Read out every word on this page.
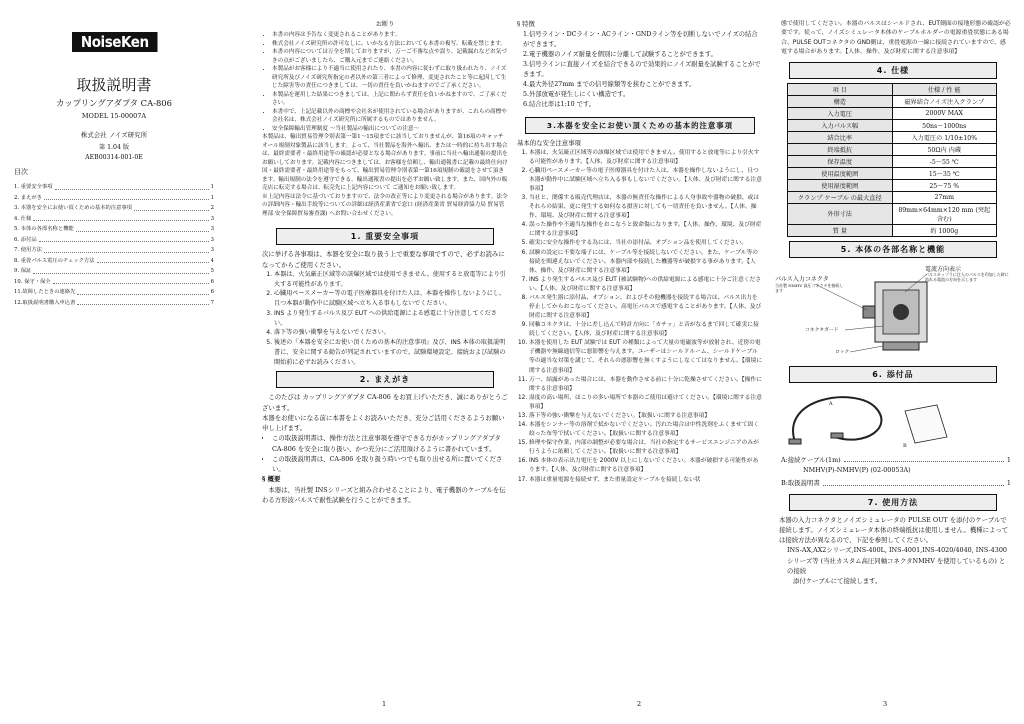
NoiseKen
取扱説明書
カップリングアダプタ CA-806
MODEL 15-00007A
株式会社 ノイズ研究所
第 1.04 版
AEB00314-001-0E
目次
1. 重要安全事項	1
2. まえがき	1
3. 本器を安全にお使い頂くための基本的注意事項	2
4. 仕様	3
5. 本体の各部名称と機能	3
6. 添付品	3
7. 使用方法	3
8. 重畳パルス電圧のチェック方法	4
9. 保証	5
10. 保守・保全	6
11.故障したときの連絡先	6
12.取扱説明書購入申込書	7
お断り
• 本書の内容は予告なく変更されることがあります。
• 株式会社ノイズ研究所の許可なしに、いかなる方法においても本書の複写、転載を禁じます。
• 本書の内容については万全を期しておりますが、万一ご不審な点や誤り、記載漏れなどお気づきの点がございましたら、ご購入元までご連絡ください。
• 本製品がお客様により不適当に使用されたり、本書の内容に従わずに取り扱われたり、ノイズ研究所及びノイズ研究所指定の者以外の第三者によって修理、変更されたこと等に起因して生じた障害等の責任につきましては、一切の責任を負いかねますのでご了承ください。
• 本製品を運用した結果につきましては、上記に関わらず責任を負いかねますので、ご了承ください。
• 本書中で、上記記載以外の商標や会社名が使用されている場合がありますが、これらの商標や会社名は、株式会社ノイズ研究所に所属するものではありません。
• 安全保障輸出管理制度 〜当社製品の輸出についての注意〜
本製品は、輸出貿易管理令別表第一第1〜15項までに該当しておりませんが、第16項のキャッチオール規制対象製品に該当します。よって、当社製品を海外へ輸出、または一時的に持ち出す場合は、最終需要者・最終用途等の確認が必要となる場合があります。事前に当社へ輸出通報の提出をお願いしております。記載内容につきましては、お客様を信頼し、輸出通報書に記載の最終仕向け国・最終需要者・最終用途等をもって、輸出貿易管理令別表第一第16項規制の確認をさせて頂きます。輸出規制の法令を遵守できる、輸出通報書の提出を必ずお願い致します。また、国内外の販売店に転売する場合は、転売先に上記内容について ご通知をお願い致します。
※上記内容は法令に基づいておりますので、法令の改正等により変更される場合があります。法令の詳細内容・輸出手続等についての詳細は経済産業省で窓口 (経済産業省 貿易経済協力局 貿易管理部 安全保障貿易審査課) へお問い合わせください。
1. 重要安全事項
次に挙げる各事項は、本器を安全に取り扱う上で重要な事項ですので、必ずお読みになってからご使用ください。
1. 本器は、火気厳正区域等の該爆区域では使用できません。使用すると放電等により引火する可能性があります。
2. 心臓用ペースメーカー等の電子医療器具を付けた人は、本器を操作しないようにし、且つ本器が動作中に試験区域へ立ち入る事もしないでください。
3. INS より発生するパルス及び EUT への供給電源による感電に十分注意してください。
4. 落下等の強い衝撃を与えないでください。
5. 後述の『本器を安全にお使い頂くための基本的注意事項』及び、INS 本体の取扱説明書に、安全に関する勧告が列記されていますので、試験環境設定、接続および試験の開始前に必ずお読みください。
2. まえがき
このたびは カップリングアダプタ CA-806 をお買上げいただき、誠にありがとうございます。
本器をお使いになる前に本書をよくお読みいただき、充分ご活用くださるようお願い申し上げます。
• この取扱説明書は、操作方法と注意事項を遵守できる方がカップリングアダプタ CA-806 を安全に取り扱い、かつ充分にご活用頂けるように書かれています。
• この取扱説明書は、CA-806 を取り扱う時いつでも取り出せる所に置いてください。
§ 概要
本器は、当社製 INSシリーズと組み合わせることにより、電子機器のケーブルを伝わる方形波パルスで耐性試験を行うことができます。
1
§ 特徴
1.信号ライン・DCライン・ACライン・GNDライン等を切断しないでノイズの結合ができます。
2.電子機器のノイズ耐量を個別に分離して試験することができます。
3.信号ラインに直接ノイズを結合できるので効果的にノイズ耐量を試験することができます。
4.最大外径27mm までの信号線類等を挟むことができます。
5.外部放電が発生しにくい構造です。
6.結合比率は1:10 です。
3.本器を安全にお使い頂くための基本的注意事項
基本的な安全注意事項
1. 本器は、火気厳正区域等の該爆区域では使用できません。使用すると放電等により引火する可能性があります。【人体、及び財産に関する注意事項】
2. 心臓用ペースメーカー等の電子医療器具を付けた人は、本器を操作しないようにし、且つ本器が動作中に試験区域へ立ち入る事もしないでください。【人体、及び財産に関する注意事項】
3. 当社と、関係する販売代理店は、本器の無責任な操作による人身事故や器物の破損、或はそれらの結果、更に発生する如何なる損害に対しても一切責任を負いません。【人体、操作、環境、及び財産に関する注意事項】
4. 誤った操作や不適当な操作をおこなうと致命傷になります。【人体、操作、環境、及び財産に関する注意事項】
5. 確実に安全な操作をする為には、当社の添付品、オプション品を使用してください。
6. 試験の設定に不要な端子には、ケーブル等を接続しないでください。また、ケーブル等の接続を間違えないでください。本器内部や接続した機器等が破損する事があります。【人体、操作、及び財産に関する注意事項】
7. INS より発生するパルス及び EUT (被試験物)への供給電源による感電に十分ご注意ください。【人体、及び財産に関する注意事項】
8. パルス発生器に添付品、オプション、およびその他機器を接続する場合は、パルス出力を停止してからおこなってください。高電圧パルスで感電することがあります。【人体、及び財産に関する注意事項】
9. 同軸コネクタは、十分に差し込んで時計方向に「カチッ」と音がなるまで回して確実に接続してください。【人体、及び財産に関する注意事項】
10. 本器を使用した EUT 試験では EUT の種類によって大量の電磁波等が放射され、近傍の電子機器や無線通信等に悪影響を与えます。ユーザーはシールドルーム、シールドケーブル等の適当な対策を講じて、それらの悪影響を無くすようにしなくてはなりません。【環境に関する注意事項】
11. 万一、結露があった場合には、本器を動作させる前に十分に乾燥させてください。【操作に関する注意事項】
12. 湿度の高い場所、ほこりの多い場所で本器のご使用は避けてください。【環境に関する注意事項】
13. 落下等の強い衝撃を与えないでください。【取扱いに関する注意事項】
14. 本器をシンナー等の溶剤で拭かないでください。汚れた場合は中性洗剤をふくませて固く絞った布等で拭いてください。【取扱いに関する注意事項】
15. 修理や保守作業、内部の調整が必要な場合は、当社の指定するサービスエンジニアのみが行うように依頼してください。【取扱いに関する注意事項】
16. INS 本体の表示出力電圧を 2000V 以上にしないでください。本器が破損する可能性があります。【人体、及び財産に関する注意事項】
17. 本器は重量電源を接続せず、また重量設定ケーブルを接続しない状
2
態で使用してください。本器のパルスはシールドされ、EUT側面の接地形態の確認が必要です。従って、ノイズシミュレータ本体のケーブルホルダーの電源重畳状態にある場合、PULSE OUTコネクタの GND側は、重畳電源の一線に接続されていますので、感電する場合があります。【人体、操作、及び財産に関する注意事項】
4. 仕様
項 目	仕様 / 性 能
構造	磁界結合ノイズ注入クランプ
入力電圧	2000V MAX
入力パルス幅	50ns〜1000ns
結合比率	入力電圧の 1/10±10%
終端抵抗	50Ω内 内蔵
保存温度	-5〜55 ℃
使用温度範囲	15〜35 ℃
使用湿度範囲	25〜75 %
クランプ ケーブル の最大直径	27mm
外形寸法	89mm×64mm×120 mm (突起含む)
質 量	約 1000g
5. 本体の各部名称と機能
パルス入力コネクタ
当社製 NMHV 高圧コネクタを接続します
電流方向表示
パルスカップラに注入のパルスを印加した時に流れる電流の方向を示します
コネクタガード
ロック
6. 添付品
A
B
A:接続ケーブル(1m)	1
NMHV(P)-NMHV(P) (02-00053A)
B:取扱説明書	1
7. 使用方法
本器の入力コネクタとノイズシミュレータの PULSE OUT を添付のケーブルで接続します。ノイズシミュレータ本体の終端抵抗は使用しません。機種によっては接続方法が異なるので、下記を参照してください。
INS-AX,AX2シリーズ,INS-400L, INS-4001,INS-4020/4040, INS-4300シリーズ等 (当社カスタム高圧同軸コネクタNMHV を使用しているもの) との接続
添付ケーブルにて接続します。
3
